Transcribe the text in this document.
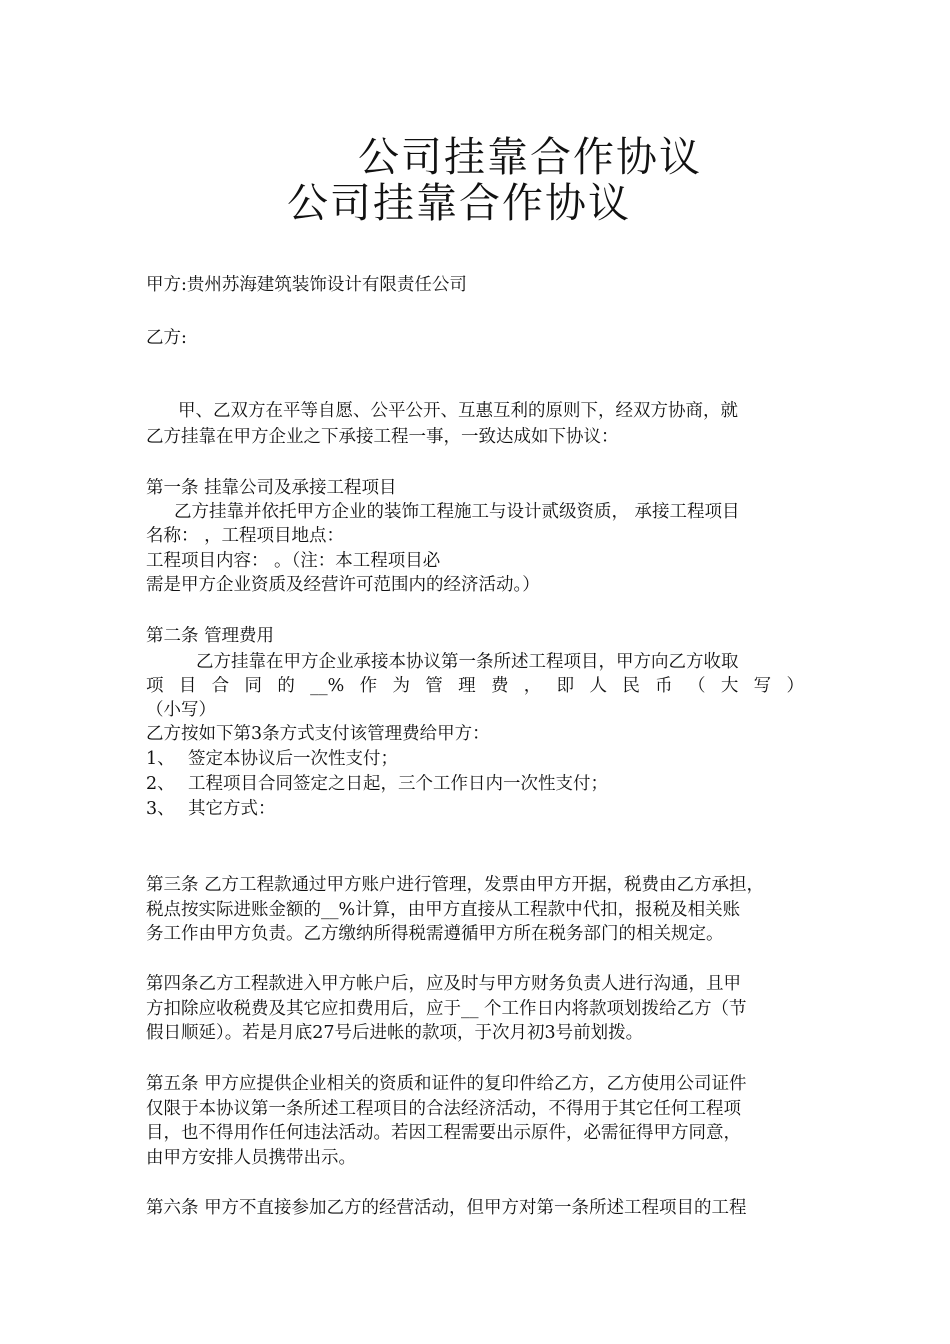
公司挂靠合作协议
公司挂靠合作协议
甲方:贵州苏海建筑装饰设计有限责任公司
乙方:
甲、乙双方在平等自愿、公平公开、互惠互利的原则下，经双方协商，就
乙方挂靠在甲方企业之下承接工程一事，一致达成如下协议：
第一条 挂靠公司及承接工程项目
乙方挂靠并依托甲方企业的装饰工程施工与设计贰级资质， 承接工程项目
名称： ，工程项目地点：
工程项目内容： 。（注：本工程项目必
需是甲方企业资质及经营许可范围内的经济活动。）
第二条 管理费用
乙方挂靠在甲方企业承接本协议第一条所述工程项目，甲方向乙方收取
项目合同的__%作为管理费，即人民币（大写）
（小写）
乙方按如下第3条方式支付该管理费给甲方：
1、 签定本协议后一次性支付；
2、 工程项目合同签定之日起，三个工作日内一次性支付；
3、 其它方式：
第三条 乙方工程款通过甲方账户进行管理，发票由甲方开据，税费由乙方承担，
税点按实际进账金额的__%计算，由甲方直接从工程款中代扣，报税及相关账
务工作由甲方负责。乙方缴纳所得税需遵循甲方所在税务部门的相关规定。
第四条乙方工程款进入甲方帐户后，应及时与甲方财务负责人进行沟通，且甲
方扣除应收税费及其它应扣费用后，应于__ 个工作日内将款项划拨给乙方（节
假日顺延）。若是月底27号后进帐的款项，于次月初3号前划拨。
第五条 甲方应提供企业相关的资质和证件的复印件给乙方，乙方使用公司证件
仅限于本协议第一条所述工程项目的合法经济活动，不得用于其它任何工程项
目，也不得用作任何违法活动。若因工程需要出示原件，必需征得甲方同意，
由甲方安排人员携带出示。
第六条 甲方不直接参加乙方的经营活动，但甲方对第一条所述工程项目的工程
